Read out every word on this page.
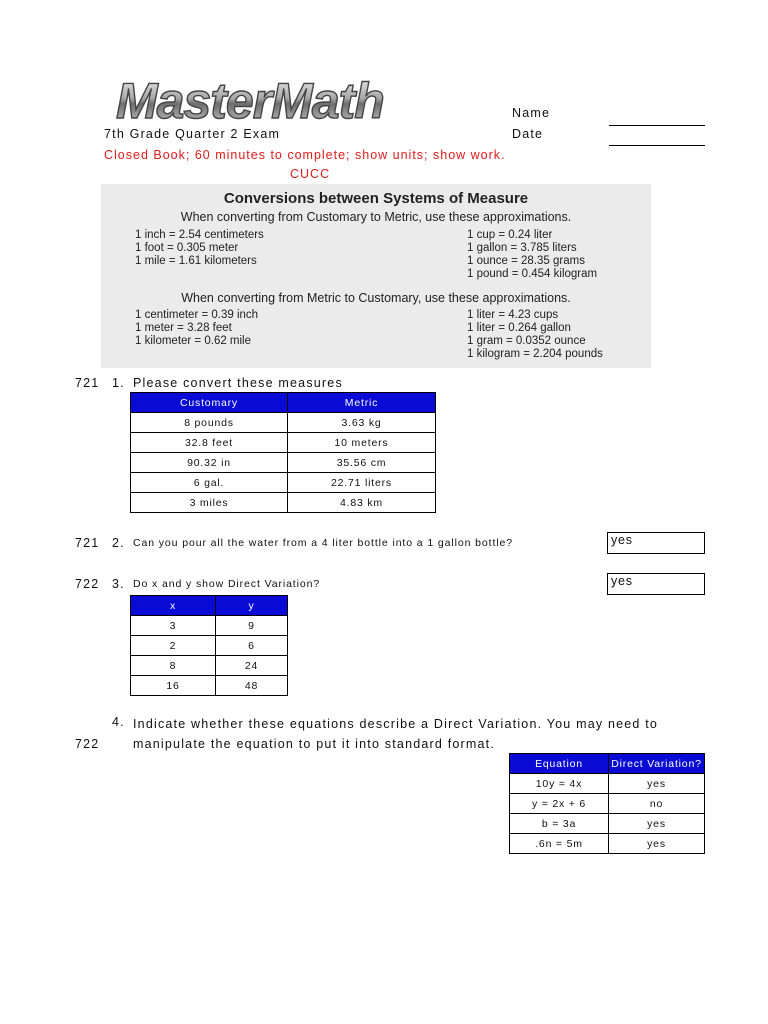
MasterMath	Name
Date
7th Grade Quarter 2 Exam
Closed Book; 60 minutes to complete; show units; show work.
CUCC
Conversions between Systems of Measure
When converting from Customary to Metric, use these approximations.
1 inch = 2.54 centimeters
1 foot = 0.305 meter
1 mile = 1.61 kilometers
1 cup = 0.24 liter
1 gallon = 3.785 liters
1 ounce = 28.35 grams
1 pound = 0.454 kilogram
When converting from Metric to Customary, use these approximations.
1 centimeter = 0.39 inch
1 meter = 3.28 feet
1 kilometer = 0.62 mile
1 liter = 4.23 cups
1 liter = 0.264 gallon
1 gram = 0.0352 ounce
1 kilogram = 2.204 pounds
721 1. Please convert these measures
Customary	Metric
8 pounds	3.63 kg
32.8 feet	10 meters
90.32 in	35.56 cm
6 gal.	22.71 liters
3 miles	4.83 km
721 2. Can you pour all the water from a 4 liter bottle into a 1 gallon bottle?	yes
722 3. Do x and y show Direct Variation?	yes
x	y
3	9
2	6
8	24
16	48
4. Indicate whether these equations describe a Direct Variation. You may need to
722	manipulate the equation to put it into standard format.
Equation	Direct Variation?
10y = 4x	yes
y = 2x + 6	no
b = 3a	yes
.6n = 5m	yes
